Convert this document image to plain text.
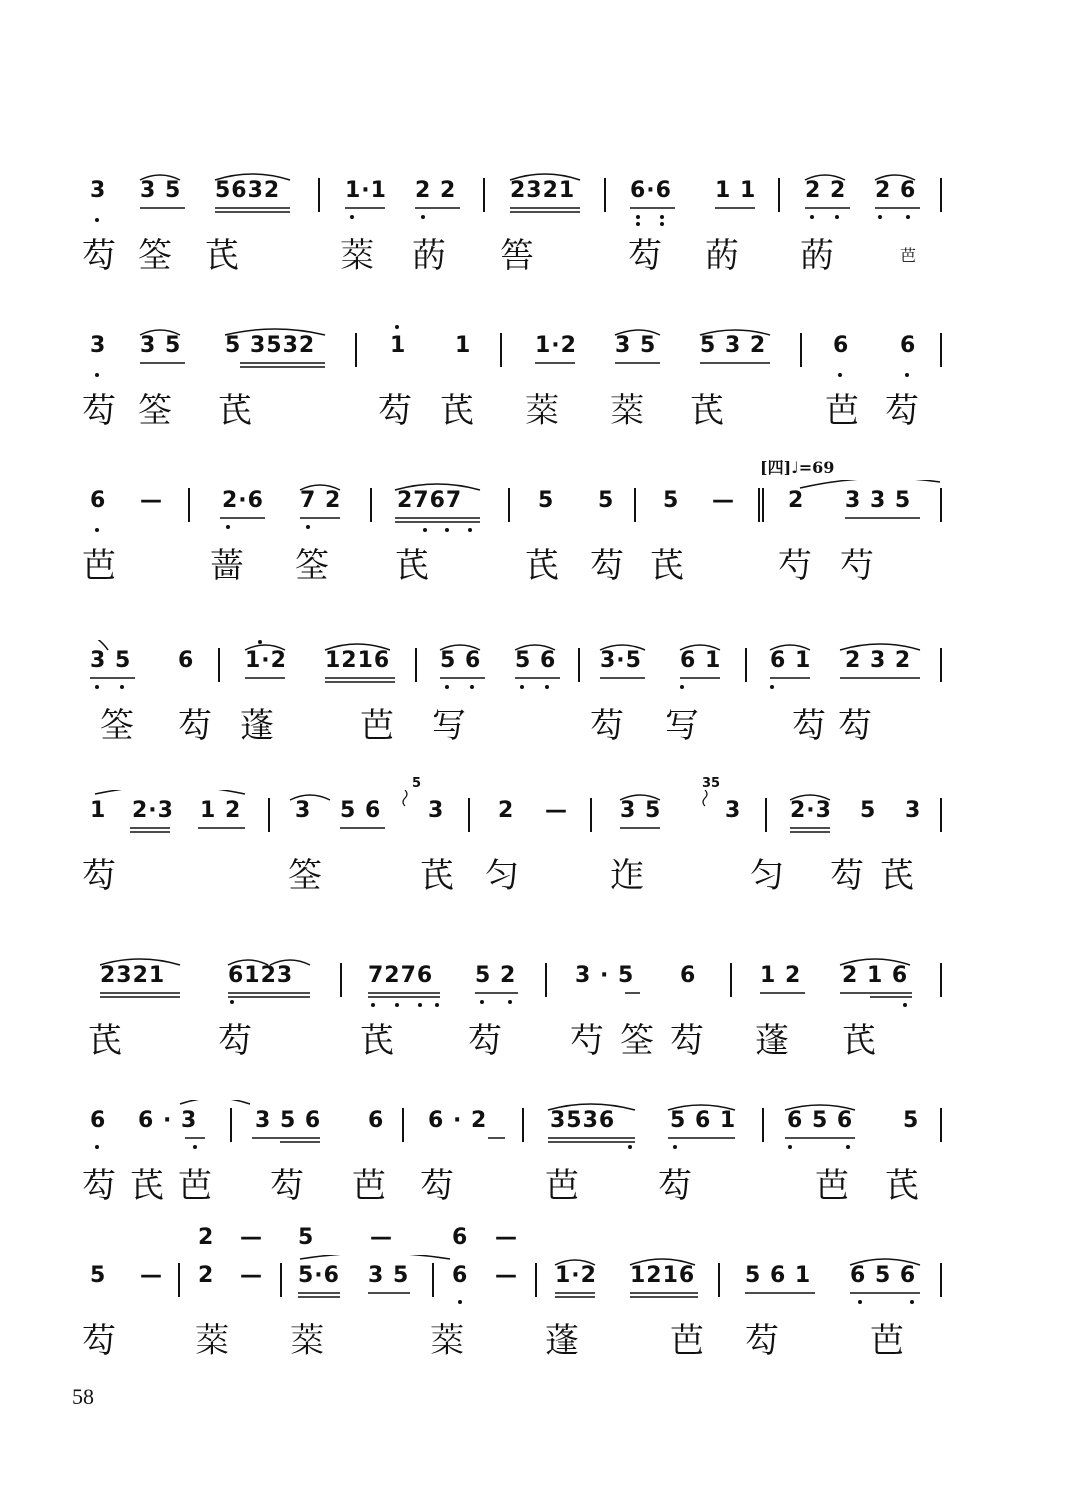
3 3 5 5632	1·1 2 2 2321 6·6 1 1 2 2 2 6
芶 筌 芪	𦷞 菂 筶	芶 菂 菂	芭
3 3 5 5 3532	1 1	1·2 3 5 5 3 2	6 6
芶 筌 芪	芶 芪 𦷞 𦷞 芪	芭 芶
[四]♩=69
6 —	2·6 7 2	2767	5 5 5 — 2 3 3 5
芭	蔷 筌 芪	芪 芶 芪	芍 芍
3 5 6 1·2 1216 5 6 5 6 3·5 6 1 6 1 2 3 2
筌 芶 蓬 芭 写	芶 写	芶 芶
5	35
1 2·3 1 2 3 5 6 3 2 — 3 5	3 2·3 5 3
芶	筌	芪 匀	迮	匀 芶 芪
2321	6123	7276 5 2	3 · 5 6	1 2 2 1 6
芪	芶	芪 芶 芍 筌 芶 蓬 芪
6 6 · 3	3 5 6 6 6 · 2	3536 5 6 1 6 5 6 5
芶 芪 芭 芶 芭 芶	芭 芶	芭 芪
2 — 5	—	6 —
5 — 2 — 5·6 3 5 6 — 1·2 1216 5 6 1 6 5 6
芶 𦷞 𦷞	𦷞 蓬	芭 芶	芭
58
